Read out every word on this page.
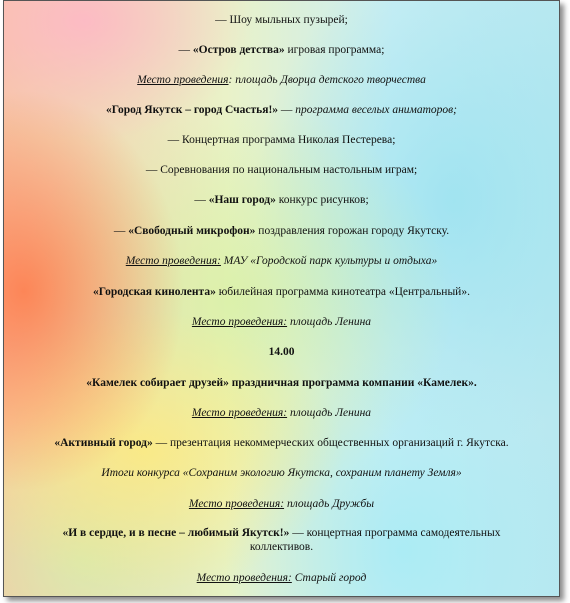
— Шоу мыльных пузырей;
— «Остров детства» игровая программа;
Место проведения: площадь Дворца детского творчества
«Город Якутск – город Счастья!» — программа веселых аниматоров;
— Концертная программа Николая Пестерева;
— Соревнования по национальным настольным играм;
— «Наш город» конкурс рисунков;
— «Свободный микрофон» поздравления горожан городу Якутску.
Место проведения: МАУ «Городской парк культуры и отдыха»
«Городская кинолента» юбилейная программа кинотеатра «Центральный».
Место проведения: площадь Ленина
14.00
«Камелек собирает друзей» праздничная программа компании «Камелек».
Место проведения: площадь Ленина
«Активный город» — презентация некоммерческих общественных организаций г. Якутска.
Итоги конкурса «Сохраним экологию Якутска, сохраним планету Земля»
Место проведения: площадь Дружбы
«И в сердце, и в песне – любимый Якутск!» — концертная программа самодеятельных коллективов.
Место проведения: Старый город
